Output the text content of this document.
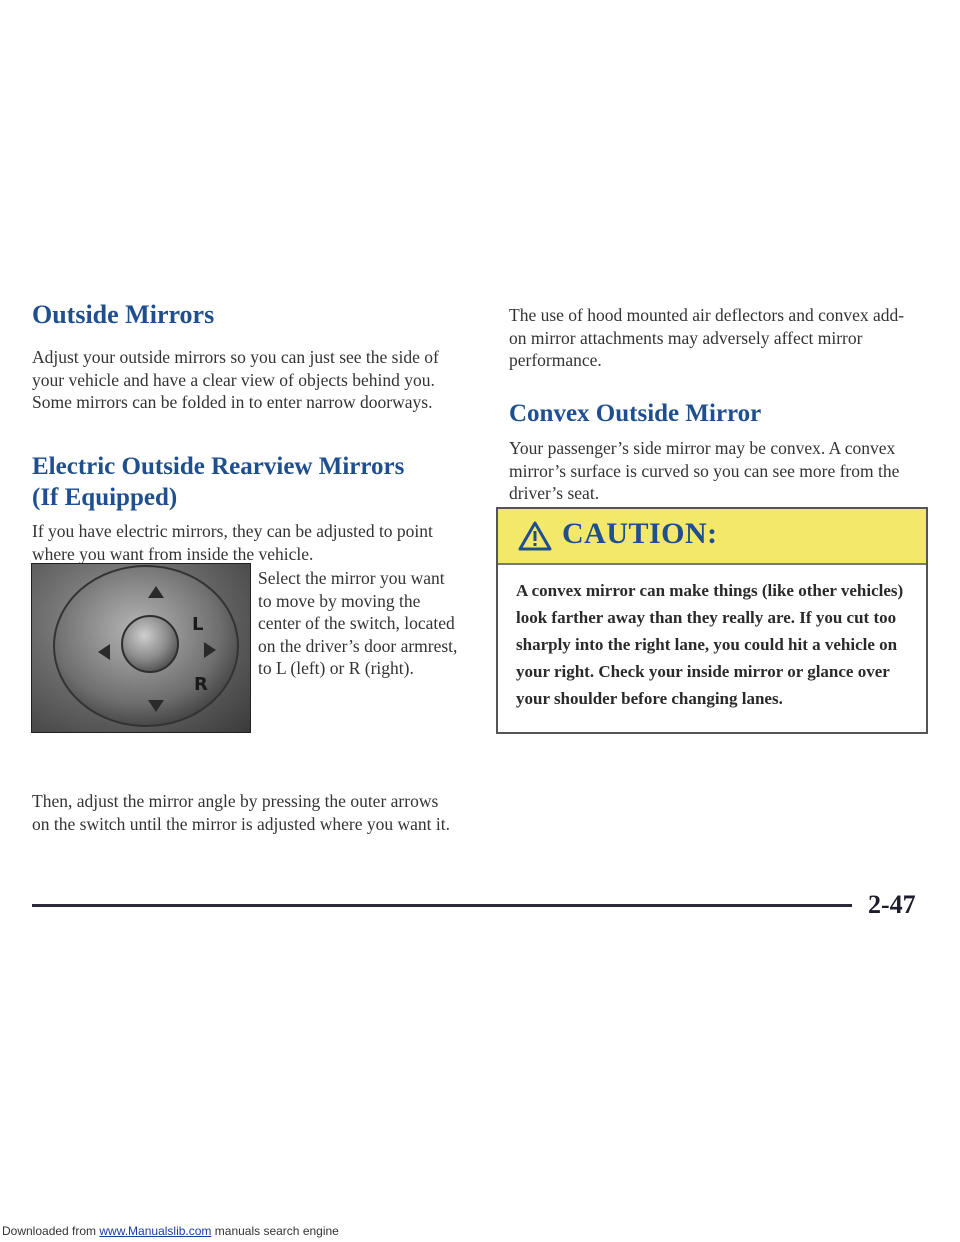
Outside Mirrors

Adjust your outside mirrors so you can just see the side of your vehicle and have a clear view of objects behind you. Some mirrors can be folded in to enter narrow doorways.

Electric Outside Rearview Mirrors
(If Equipped)

If you have electric mirrors, they can be adjusted to point where you want from inside the vehicle.

L
R

Select the mirror you want to move by moving the center of the switch, located on the driver’s door armrest, to L (left) or R (right).

Then, adjust the mirror angle by pressing the outer arrows on the switch until the mirror is adjusted where you want it.

The use of hood mounted air deflectors and convex add-on mirror attachments may adversely affect mirror performance.

Convex Outside Mirror

Your passenger’s side mirror may be convex. A convex mirror’s surface is curved so you can see more from the driver’s seat.

CAUTION:

A convex mirror can make things (like other vehicles) look farther away than they really are. If you cut too sharply into the right lane, you could hit a vehicle on your right. Check your inside mirror or glance over your shoulder before changing lanes.

2-47
Downloaded from www.Manualslib.com manuals search engine
